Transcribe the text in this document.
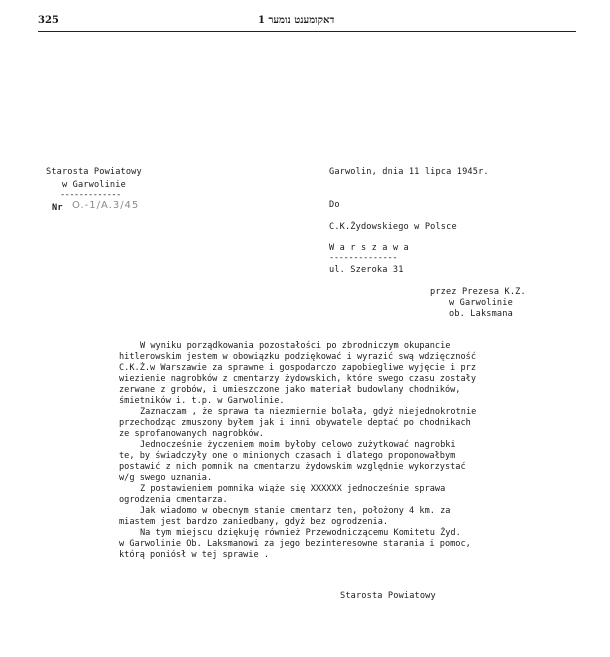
325	דאקומענט נומער 1
Starosta Powiatowy
w Garwolinie
-------------
Nr O.-1/A.3/45
Garwolin, dnia 11 lipca 1945r.
Do
C.K.Żydowskiego w Polsce
W a r s z a w a
--------------
ul. Szeroka 31
przez Prezesa K.Z.
w Garwolinie
ob. Laksmana
W wyniku porządkowania pozostałości po zbrodniczym okupancie
hitlerowskim jestem w obowiązku podziękować i wyrazić swą wdzięczność
C.K.Ż.w Warszawie za sprawne i gospodarczo zapobiegliwe wyjęcie i prz
wiezienie nagrobków z cmentarzy żydowskich, które swego czasu zostały
zerwane z grobów, i umieszczone jako materiał budowlany chodników,
śmietników i. t.p. w Garwolinie.
Zaznaczam , że sprawa ta niezmiernie bolała, gdyż niejednokrotnie
przechodząc zmuszony byłem jak i inni obywatele deptać po chodnikach
ze sprofanowanych nagrobków.
Jednocześnie życzeniem moim byłoby celowo zużytkować nagrobki
te, by świadczyły one o minionych czasach i dlatego proponowałbym
postawić z nich pomnik na cmentarzu żydowskim względnie wykorzystać
w/g swego uznania.
Z postawieniem pomnika wiąże się XXXXXX jednocześnie sprawa
ogrodzenia cmentarza.
Jak wiadomo w obecnym stanie cmentarz ten, położony 4 km. za
miastem jest bardzo zaniedbany, gdyż bez ogrodzenia.
Na tym miejscu dziękuję również Przewodniczącemu Komitetu Żyd.
w Garwolinie Ob. Laksmanowi za jego bezinteresowne starania i pomoc,
którą poniósł w tej sprawie .
Starosta Powiatowy
